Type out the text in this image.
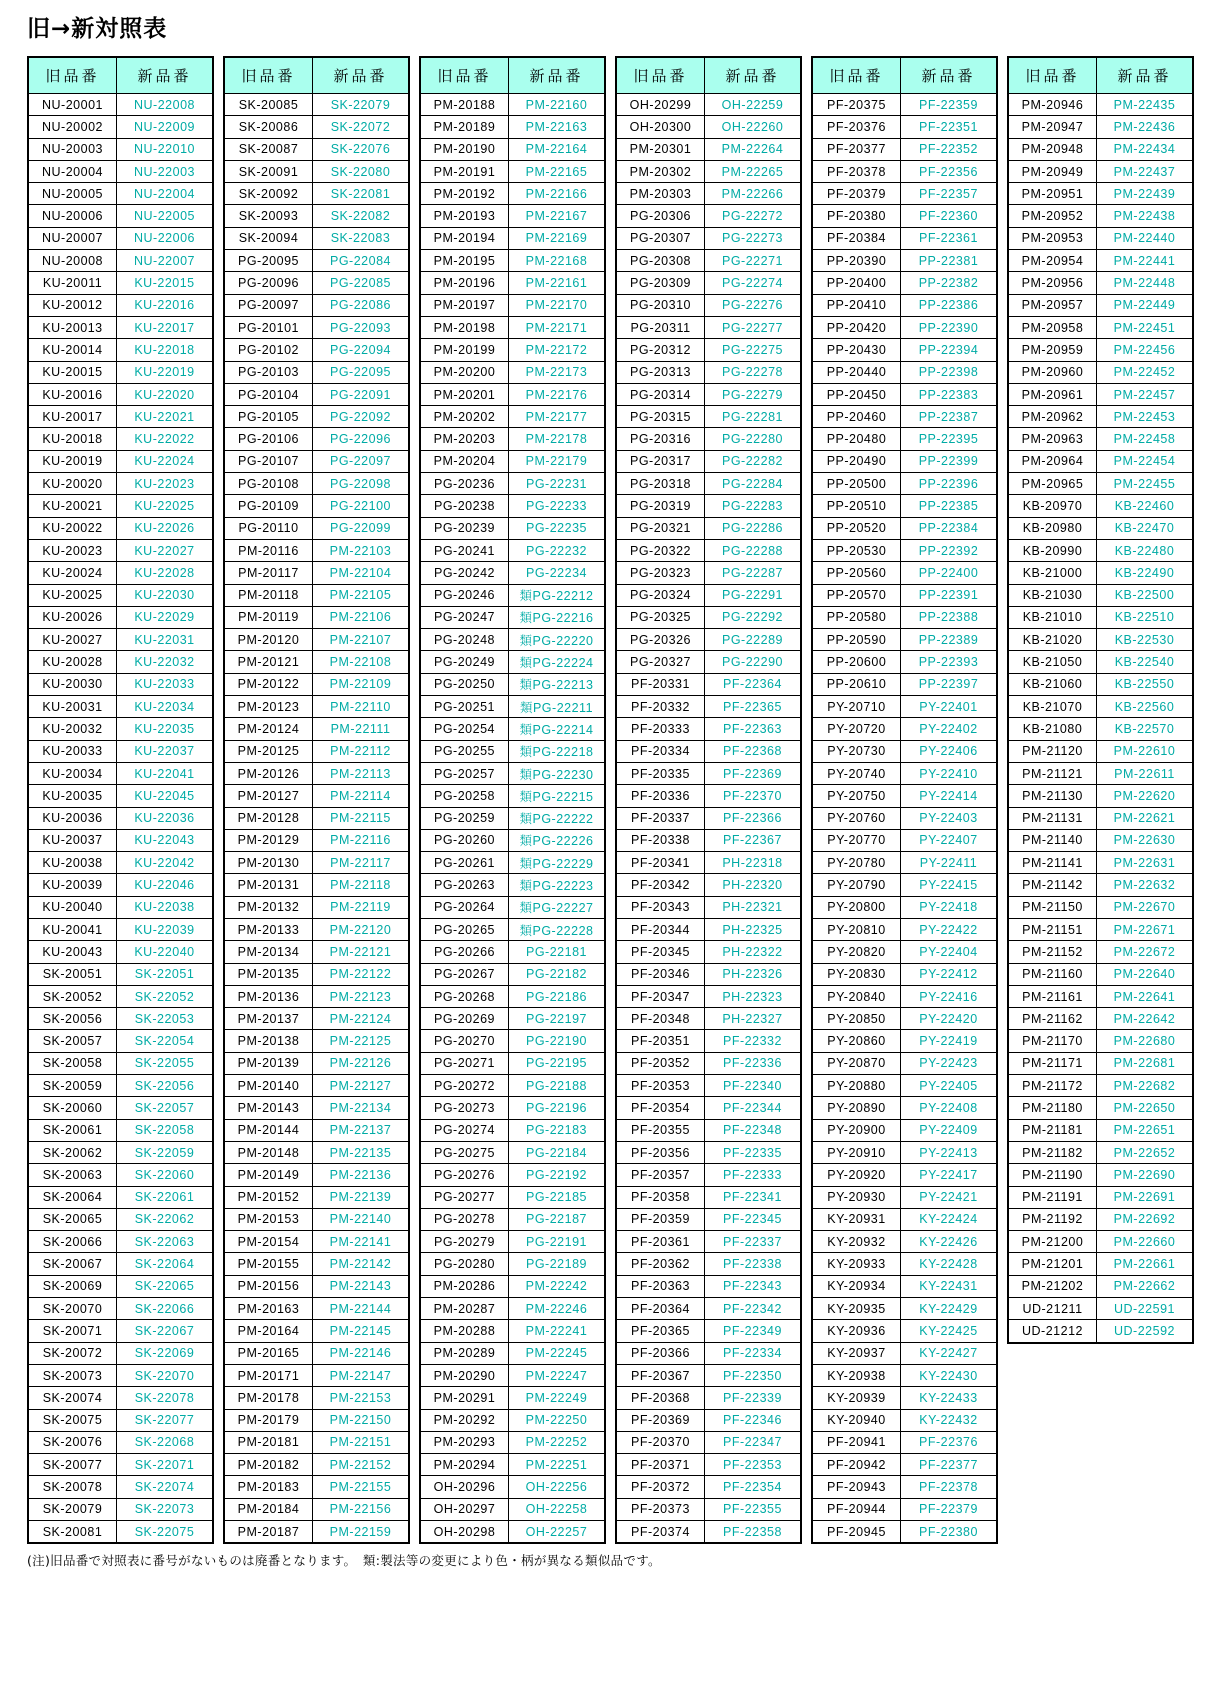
旧→新対照表
旧品番	新品番
NU-20001	NU-22008
NU-20002	NU-22009
NU-20003	NU-22010
NU-20004	NU-22003
NU-20005	NU-22004
NU-20006	NU-22005
NU-20007	NU-22006
NU-20008	NU-22007
KU-20011	KU-22015
KU-20012	KU-22016
KU-20013	KU-22017
KU-20014	KU-22018
KU-20015	KU-22019
KU-20016	KU-22020
KU-20017	KU-22021
KU-20018	KU-22022
KU-20019	KU-22024
KU-20020	KU-22023
KU-20021	KU-22025
KU-20022	KU-22026
KU-20023	KU-22027
KU-20024	KU-22028
KU-20025	KU-22030
KU-20026	KU-22029
KU-20027	KU-22031
KU-20028	KU-22032
KU-20030	KU-22033
KU-20031	KU-22034
KU-20032	KU-22035
KU-20033	KU-22037
KU-20034	KU-22041
KU-20035	KU-22045
KU-20036	KU-22036
KU-20037	KU-22043
KU-20038	KU-22042
KU-20039	KU-22046
KU-20040	KU-22038
KU-20041	KU-22039
KU-20043	KU-22040
SK-20051	SK-22051
SK-20052	SK-22052
SK-20056	SK-22053
SK-20057	SK-22054
SK-20058	SK-22055
SK-20059	SK-22056
SK-20060	SK-22057
SK-20061	SK-22058
SK-20062	SK-22059
SK-20063	SK-22060
SK-20064	SK-22061
SK-20065	SK-22062
SK-20066	SK-22063
SK-20067	SK-22064
SK-20069	SK-22065
SK-20070	SK-22066
SK-20071	SK-22067
SK-20072	SK-22069
SK-20073	SK-22070
SK-20074	SK-22078
SK-20075	SK-22077
SK-20076	SK-22068
SK-20077	SK-22071
SK-20078	SK-22074
SK-20079	SK-22073
SK-20081	SK-22075
旧品番	新品番
SK-20085	SK-22079
SK-20086	SK-22072
SK-20087	SK-22076
SK-20091	SK-22080
SK-20092	SK-22081
SK-20093	SK-22082
SK-20094	SK-22083
PG-20095	PG-22084
PG-20096	PG-22085
PG-20097	PG-22086
PG-20101	PG-22093
PG-20102	PG-22094
PG-20103	PG-22095
PG-20104	PG-22091
PG-20105	PG-22092
PG-20106	PG-22096
PG-20107	PG-22097
PG-20108	PG-22098
PG-20109	PG-22100
PG-20110	PG-22099
PM-20116	PM-22103
PM-20117	PM-22104
PM-20118	PM-22105
PM-20119	PM-22106
PM-20120	PM-22107
PM-20121	PM-22108
PM-20122	PM-22109
PM-20123	PM-22110
PM-20124	PM-22111
PM-20125	PM-22112
PM-20126	PM-22113
PM-20127	PM-22114
PM-20128	PM-22115
PM-20129	PM-22116
PM-20130	PM-22117
PM-20131	PM-22118
PM-20132	PM-22119
PM-20133	PM-22120
PM-20134	PM-22121
PM-20135	PM-22122
PM-20136	PM-22123
PM-20137	PM-22124
PM-20138	PM-22125
PM-20139	PM-22126
PM-20140	PM-22127
PM-20143	PM-22134
PM-20144	PM-22137
PM-20148	PM-22135
PM-20149	PM-22136
PM-20152	PM-22139
PM-20153	PM-22140
PM-20154	PM-22141
PM-20155	PM-22142
PM-20156	PM-22143
PM-20163	PM-22144
PM-20164	PM-22145
PM-20165	PM-22146
PM-20171	PM-22147
PM-20178	PM-22153
PM-20179	PM-22150
PM-20181	PM-22151
PM-20182	PM-22152
PM-20183	PM-22155
PM-20184	PM-22156
PM-20187	PM-22159
旧品番	新品番
PM-20188	PM-22160
PM-20189	PM-22163
PM-20190	PM-22164
PM-20191	PM-22165
PM-20192	PM-22166
PM-20193	PM-22167
PM-20194	PM-22169
PM-20195	PM-22168
PM-20196	PM-22161
PM-20197	PM-22170
PM-20198	PM-22171
PM-20199	PM-22172
PM-20200	PM-22173
PM-20201	PM-22176
PM-20202	PM-22177
PM-20203	PM-22178
PM-20204	PM-22179
PG-20236	PG-22231
PG-20238	PG-22233
PG-20239	PG-22235
PG-20241	PG-22232
PG-20242	PG-22234
PG-20246	類PG-22212
PG-20247	類PG-22216
PG-20248	類PG-22220
PG-20249	類PG-22224
PG-20250	類PG-22213
PG-20251	類PG-22211
PG-20254	類PG-22214
PG-20255	類PG-22218
PG-20257	類PG-22230
PG-20258	類PG-22215
PG-20259	類PG-22222
PG-20260	類PG-22226
PG-20261	類PG-22229
PG-20263	類PG-22223
PG-20264	類PG-22227
PG-20265	類PG-22228
PG-20266	PG-22181
PG-20267	PG-22182
PG-20268	PG-22186
PG-20269	PG-22197
PG-20270	PG-22190
PG-20271	PG-22195
PG-20272	PG-22188
PG-20273	PG-22196
PG-20274	PG-22183
PG-20275	PG-22184
PG-20276	PG-22192
PG-20277	PG-22185
PG-20278	PG-22187
PG-20279	PG-22191
PG-20280	PG-22189
PM-20286	PM-22242
PM-20287	PM-22246
PM-20288	PM-22241
PM-20289	PM-22245
PM-20290	PM-22247
PM-20291	PM-22249
PM-20292	PM-22250
PM-20293	PM-22252
PM-20294	PM-22251
OH-20296	OH-22256
OH-20297	OH-22258
OH-20298	OH-22257
旧品番	新品番
OH-20299	OH-22259
OH-20300	OH-22260
PM-20301	PM-22264
PM-20302	PM-22265
PM-20303	PM-22266
PG-20306	PG-22272
PG-20307	PG-22273
PG-20308	PG-22271
PG-20309	PG-22274
PG-20310	PG-22276
PG-20311	PG-22277
PG-20312	PG-22275
PG-20313	PG-22278
PG-20314	PG-22279
PG-20315	PG-22281
PG-20316	PG-22280
PG-20317	PG-22282
PG-20318	PG-22284
PG-20319	PG-22283
PG-20321	PG-22286
PG-20322	PG-22288
PG-20323	PG-22287
PG-20324	PG-22291
PG-20325	PG-22292
PG-20326	PG-22289
PG-20327	PG-22290
PF-20331	PF-22364
PF-20332	PF-22365
PF-20333	PF-22363
PF-20334	PF-22368
PF-20335	PF-22369
PF-20336	PF-22370
PF-20337	PF-22366
PF-20338	PF-22367
PF-20341	PH-22318
PF-20342	PH-22320
PF-20343	PH-22321
PF-20344	PH-22325
PF-20345	PH-22322
PF-20346	PH-22326
PF-20347	PH-22323
PF-20348	PH-22327
PF-20351	PF-22332
PF-20352	PF-22336
PF-20353	PF-22340
PF-20354	PF-22344
PF-20355	PF-22348
PF-20356	PF-22335
PF-20357	PF-22333
PF-20358	PF-22341
PF-20359	PF-22345
PF-20361	PF-22337
PF-20362	PF-22338
PF-20363	PF-22343
PF-20364	PF-22342
PF-20365	PF-22349
PF-20366	PF-22334
PF-20367	PF-22350
PF-20368	PF-22339
PF-20369	PF-22346
PF-20370	PF-22347
PF-20371	PF-22353
PF-20372	PF-22354
PF-20373	PF-22355
PF-20374	PF-22358
旧品番	新品番
PF-20375	PF-22359
PF-20376	PF-22351
PF-20377	PF-22352
PF-20378	PF-22356
PF-20379	PF-22357
PF-20380	PF-22360
PF-20384	PF-22361
PP-20390	PP-22381
PP-20400	PP-22382
PP-20410	PP-22386
PP-20420	PP-22390
PP-20430	PP-22394
PP-20440	PP-22398
PP-20450	PP-22383
PP-20460	PP-22387
PP-20480	PP-22395
PP-20490	PP-22399
PP-20500	PP-22396
PP-20510	PP-22385
PP-20520	PP-22384
PP-20530	PP-22392
PP-20560	PP-22400
PP-20570	PP-22391
PP-20580	PP-22388
PP-20590	PP-22389
PP-20600	PP-22393
PP-20610	PP-22397
PY-20710	PY-22401
PY-20720	PY-22402
PY-20730	PY-22406
PY-20740	PY-22410
PY-20750	PY-22414
PY-20760	PY-22403
PY-20770	PY-22407
PY-20780	PY-22411
PY-20790	PY-22415
PY-20800	PY-22418
PY-20810	PY-22422
PY-20820	PY-22404
PY-20830	PY-22412
PY-20840	PY-22416
PY-20850	PY-22420
PY-20860	PY-22419
PY-20870	PY-22423
PY-20880	PY-22405
PY-20890	PY-22408
PY-20900	PY-22409
PY-20910	PY-22413
PY-20920	PY-22417
PY-20930	PY-22421
KY-20931	KY-22424
KY-20932	KY-22426
KY-20933	KY-22428
KY-20934	KY-22431
KY-20935	KY-22429
KY-20936	KY-22425
KY-20937	KY-22427
KY-20938	KY-22430
KY-20939	KY-22433
KY-20940	KY-22432
PF-20941	PF-22376
PF-20942	PF-22377
PF-20943	PF-22378
PF-20944	PF-22379
PF-20945	PF-22380
旧品番	新品番
PM-20946	PM-22435
PM-20947	PM-22436
PM-20948	PM-22434
PM-20949	PM-22437
PM-20951	PM-22439
PM-20952	PM-22438
PM-20953	PM-22440
PM-20954	PM-22441
PM-20956	PM-22448
PM-20957	PM-22449
PM-20958	PM-22451
PM-20959	PM-22456
PM-20960	PM-22452
PM-20961	PM-22457
PM-20962	PM-22453
PM-20963	PM-22458
PM-20964	PM-22454
PM-20965	PM-22455
KB-20970	KB-22460
KB-20980	KB-22470
KB-20990	KB-22480
KB-21000	KB-22490
KB-21030	KB-22500
KB-21010	KB-22510
KB-21020	KB-22530
KB-21050	KB-22540
KB-21060	KB-22550
KB-21070	KB-22560
KB-21080	KB-22570
PM-21120	PM-22610
PM-21121	PM-22611
PM-21130	PM-22620
PM-21131	PM-22621
PM-21140	PM-22630
PM-21141	PM-22631
PM-21142	PM-22632
PM-21150	PM-22670
PM-21151	PM-22671
PM-21152	PM-22672
PM-21160	PM-22640
PM-21161	PM-22641
PM-21162	PM-22642
PM-21170	PM-22680
PM-21171	PM-22681
PM-21172	PM-22682
PM-21180	PM-22650
PM-21181	PM-22651
PM-21182	PM-22652
PM-21190	PM-22690
PM-21191	PM-22691
PM-21192	PM-22692
PM-21200	PM-22660
PM-21201	PM-22661
PM-21202	PM-22662
UD-21211	UD-22591
UD-21212	UD-22592
(注)旧品番で対照表に番号がないものは廃番となります。　類:製法等の変更により色・柄が異なる類似品です。
